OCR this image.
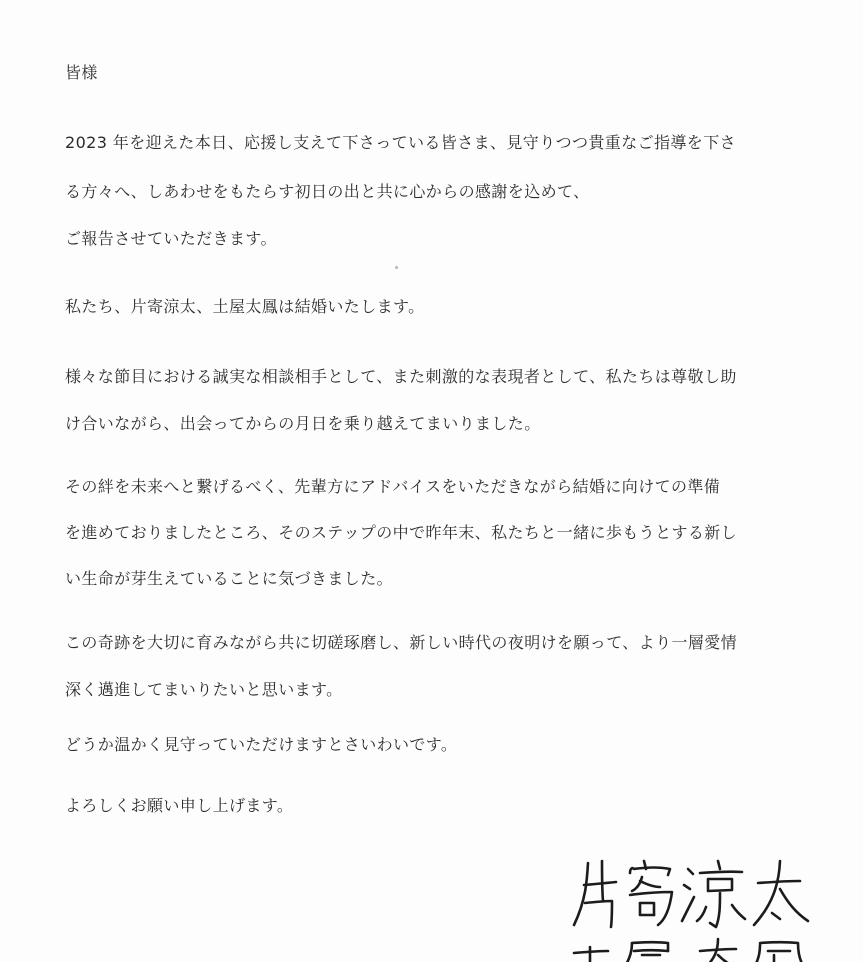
皆様
2023 年を迎えた本日、応援し支えて下さっている皆さま、見守りつつ貴重なご指導を下さ
る方々へ、しあわせをもたらす初日の出と共に心からの感謝を込めて、
ご報告させていただきます。
私たち、片寄涼太、土屋太鳳は結婚いたします。
様々な節目における誠実な相談相手として、また刺激的な表現者として、私たちは尊敬し助
け合いながら、出会ってからの月日を乗り越えてまいりました。
その絆を未来へと繋げるべく、先輩方にアドバイスをいただきながら結婚に向けての準備
を進めておりましたところ、そのステップの中で昨年末、私たちと一緒に歩もうとする新し
い生命が芽生えていることに気づきました。
この奇跡を大切に育みながら共に切磋琢磨し、新しい時代の夜明けを願って、より一層愛情
深く邁進してまいりたいと思います。
どうか温かく見守っていただけますとさいわいです。
よろしくお願い申し上げます。
